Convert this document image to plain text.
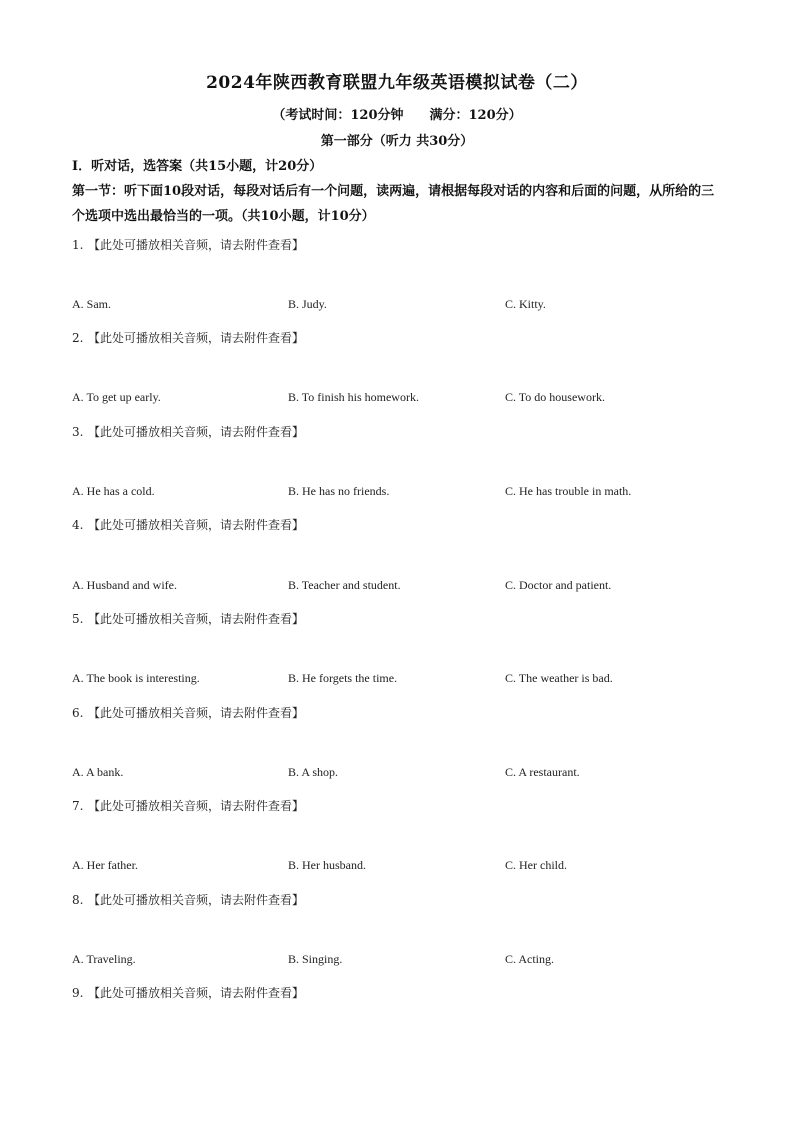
2024年陕西教育联盟九年级英语模拟试卷（二）
（考试时间：120分钟 满分：120分）
第一部分（听力 共30分）
Ⅰ．听对话，选答案（共15小题，计20分）
第一节：听下面10段对话，每段对话后有一个问题，读两遍，请根据每段对话的内容和后面的问题，从所给的三个选项中选出最恰当的一项。（共10小题，计10分）
1. 【此处可播放相关音频，请去附件查看】
A. Sam.	B. Judy.	C. Kitty.
2. 【此处可播放相关音频，请去附件查看】
A. To get up early.	B. To finish his homework.	C. To do housework.
3. 【此处可播放相关音频，请去附件查看】
A. He has a cold.	B. He has no friends.	C. He has trouble in math.
4. 【此处可播放相关音频，请去附件查看】
A. Husband and wife.	B. Teacher and student.	C. Doctor and patient.
5. 【此处可播放相关音频，请去附件查看】
A. The book is interesting.	B. He forgets the time.	C. The weather is bad.
6. 【此处可播放相关音频，请去附件查看】
A. A bank.	B. A shop.	C. A restaurant.
7. 【此处可播放相关音频，请去附件查看】
A. Her father.	B. Her husband.	C. Her child.
8. 【此处可播放相关音频，请去附件查看】
A. Traveling.	B. Singing.	C. Acting.
9. 【此处可播放相关音频，请去附件查看】
